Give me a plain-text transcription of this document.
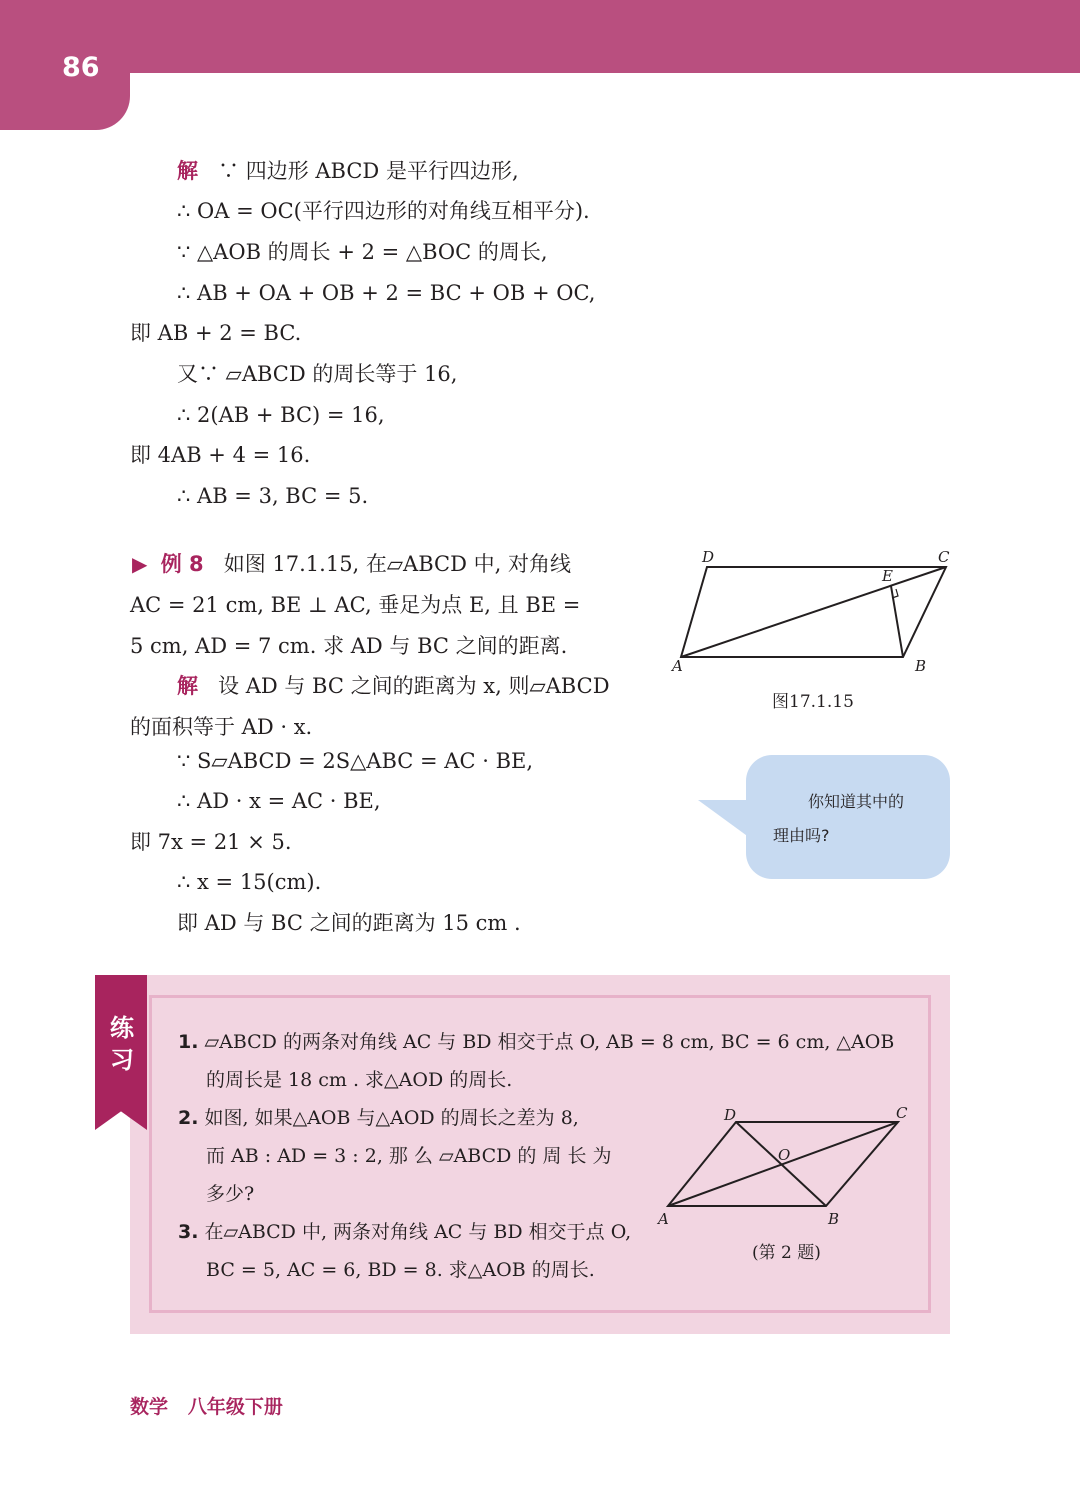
86
解 ∵ 四边形 ABCD 是平行四边形,
∴ OA = OC(平行四边形的对角线互相平分).
∵ △AOB 的周长 + 2 = △BOC 的周长,
∴ AB + OA + OB + 2 = BC + OB + OC,
即 AB + 2 = BC.
又∵ ▱ABCD 的周长等于 16,
∴ 2(AB + BC) = 16,
即 4AB + 4 = 16.
∴ AB = 3, BC = 5.
▶ 例 8 如图 17.1.15, 在▱ABCD 中, 对角线
AC = 21 cm, BE ⊥ AC, 垂足为点 E, 且 BE =
5 cm, AD = 7 cm. 求 AD 与 BC 之间的距离.
解 设 AD 与 BC 之间的距离为 x, 则▱ABCD
的面积等于 AD · x.
∵ S▱ABCD = 2S△ABC = AC · BE,
∴ AD · x = AC · BE,
即 7x = 21 × 5.
∴ x = 15(cm).
即 AD 与 BC 之间的距离为 15 cm .
A	B
C
D
E
图17.1.15
你知道其中的
理由吗?
练习
1. ▱ABCD 的两条对角线 AC 与 BD 相交于点 O, AB = 8 cm, BC = 6 cm, △AOB
的周长是 18 cm . 求△AOD 的周长.
2. 如图, 如果△AOB 与△AOD 的周长之差为 8,
而 AB : AD = 3 : 2, 那 么 ▱ABCD 的 周 长 为
多少?
3. 在▱ABCD 中, 两条对角线 AC 与 BD 相交于点 O,
BC = 5, AC = 6, BD = 8. 求△AOB 的周长.
A	B
C
D
O
(第 2 题)
数学 八年级下册
